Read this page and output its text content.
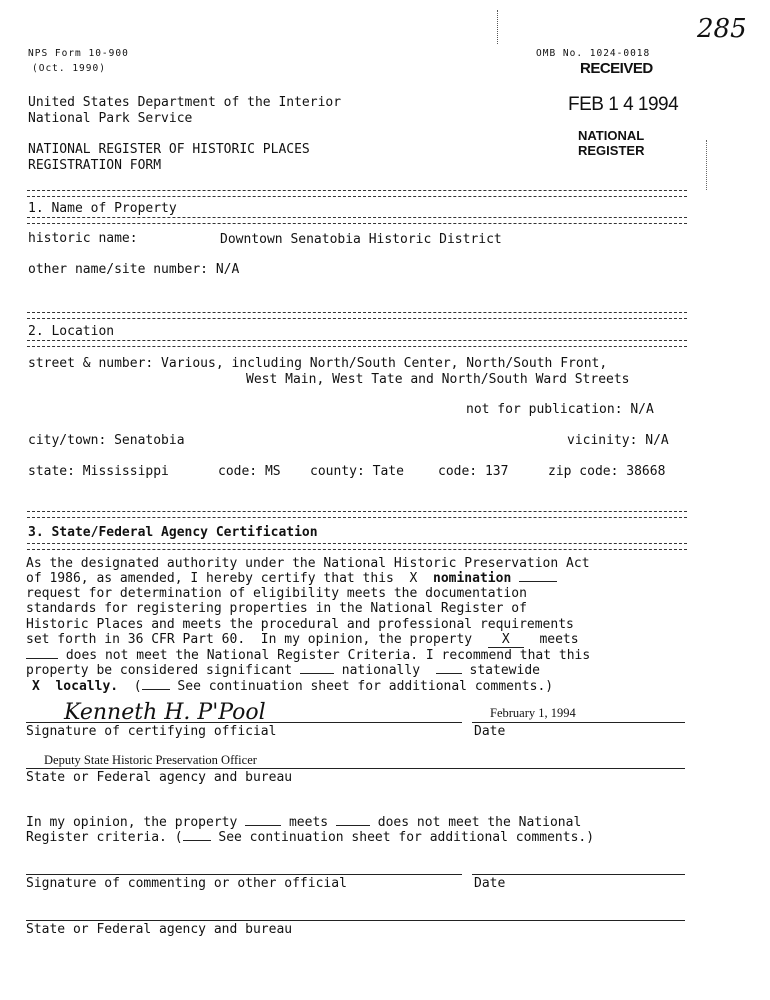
NPS Form 10-900
(Oct. 1990)
OMB No. 1024-0018
285
RECEIVED
FEB 1 4 1994
NATIONAL
REGISTER
United States Department of the Interior
National Park Service
NATIONAL REGISTER OF HISTORIC PLACES
REGISTRATION FORM
1. Name of Property
historic name:	Downtown Senatobia Historic District
other name/site number: N/A
2. Location
street & number: Various, including North/South Center, North/South Front,
West Main, West Tate and North/South Ward Streets
not for publication: N/A
city/town: Senatobia	vicinity: N/A
state: Mississippi	code: MS county: Tate	code: 137	zip code: 38668
3. State/Federal Agency Certification
As the designated authority under the National Historic Preservation Act
of 1986, as amended, I hereby certify that this X nomination
request for determination of eligibility meets the documentation
standards for registering properties in the National Register of
Historic Places and meets the procedural and professional requirements
set forth in 36 CFR Part 60.  In my opinion, the property X meets
does not meet the National Register Criteria. I recommend that this
property be considered significant	nationally	statewide
X locally.  (	See continuation sheet for additional comments.)
Kenneth H. P'Pool	February 1, 1994
Signature of certifying official	Date
Deputy State Historic Preservation Officer
State or Federal agency and bureau
In my opinion, the property	meets	does not meet the National
Register criteria. (	See continuation sheet for additional comments.)
Signature of commenting or other official	Date
State or Federal agency and bureau
